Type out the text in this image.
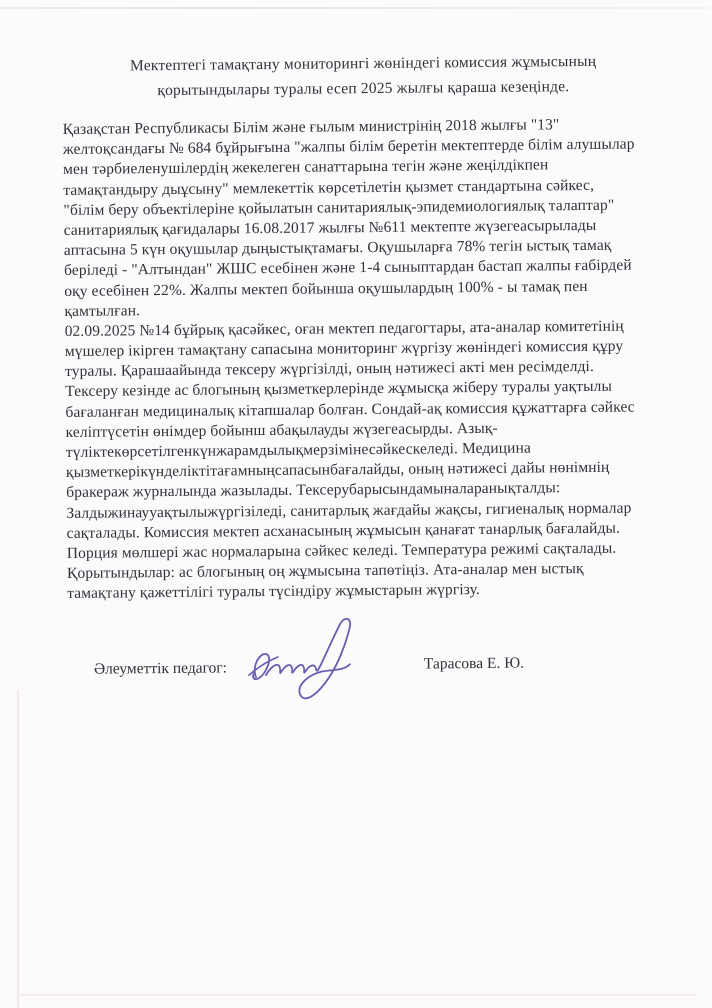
Мектептегі тамақтану мониторингі жөніндегі комиссия жұмысының
қорытындылары туралы есеп 2025 жылғы қараша кезеңінде.
Қазақстан Республикасы Білім және ғылым министрінің 2018 жылғы "13"
желтоқсандағы № 684 бұйрығына "жалпы білім беретін мектептерде білім алушылар
мен тәрбиеленушілердің жекелеген санаттарына тегін және жеңілдікпен
тамақтандыру дыұсыну" мемлекеттік көрсетілетін қызмет стандартына сәйкес,
"білім беру объектілеріне қойылатын санитариялық-эпидемиологиялық талаптар"
санитариялық қағидалары 16.08.2017 жылғы №611 мектепте жүзегеасырылады
аптасына 5 күн оқушылар дыңыстықтамағы. Оқушыларға 78% тегін ыстық тамақ
беріледі - "Алтындан" ЖШС есебінен және 1-4 сыныптардан бастап жалпы ғабірдей
оқу есебінен 22%. Жалпы мектеп бойынша оқушылардың 100% - ы тамақ пен
қамтылған.
02.09.2025 №14 бұйрық қасәйкес, оған мектеп педагогтары, ата-аналар комитетінің
мүшелер ікірген тамақтану сапасына мониторинг жүргізу жөніндегі комиссия құру
туралы. Қарашаайында тексеру жүргізілді, оның нәтижесі акті мен ресімделді.
Тексеру кезінде ас блогының қызметкерлерінде жұмысқа жіберу туралы уақтылы
бағаланған медициналық кітапшалар болған. Сондай-ақ комиссия құжаттарға сәйкес
келіптүсетін өнімдер бойынш абақылауды жүзегеасырды. Азық-
түліктекөрсетілгенкүнжарамдылықмерзімінесәйкескеледі. Медицина
қызметкерікүнделіктітағамныңсапасынбағалайды, оның нәтижесі дайы нөнімнің
бракераж журналында жазылады. Тексерубарысындамыналаранықталды:
Залдыжинаууақтылыжүргізіледі, санитарлық жағдайы жақсы, гигиеналық нормалар
сақталады. Комиссия мектеп асханасының жұмысын қанағат танарлық бағалайды.
Порция мөлшері жас нормаларына сәйкес келеді. Температура режимі сақталады.
Қорытындылар: ас блогының оң жұмысына тапөтіңіз. Ата-аналар мен ыстық
тамақтану қажеттілігі туралы түсіндіру жұмыстарын жүргізу.
Әлеуметтік педагог:	Тарасова Е. Ю.
